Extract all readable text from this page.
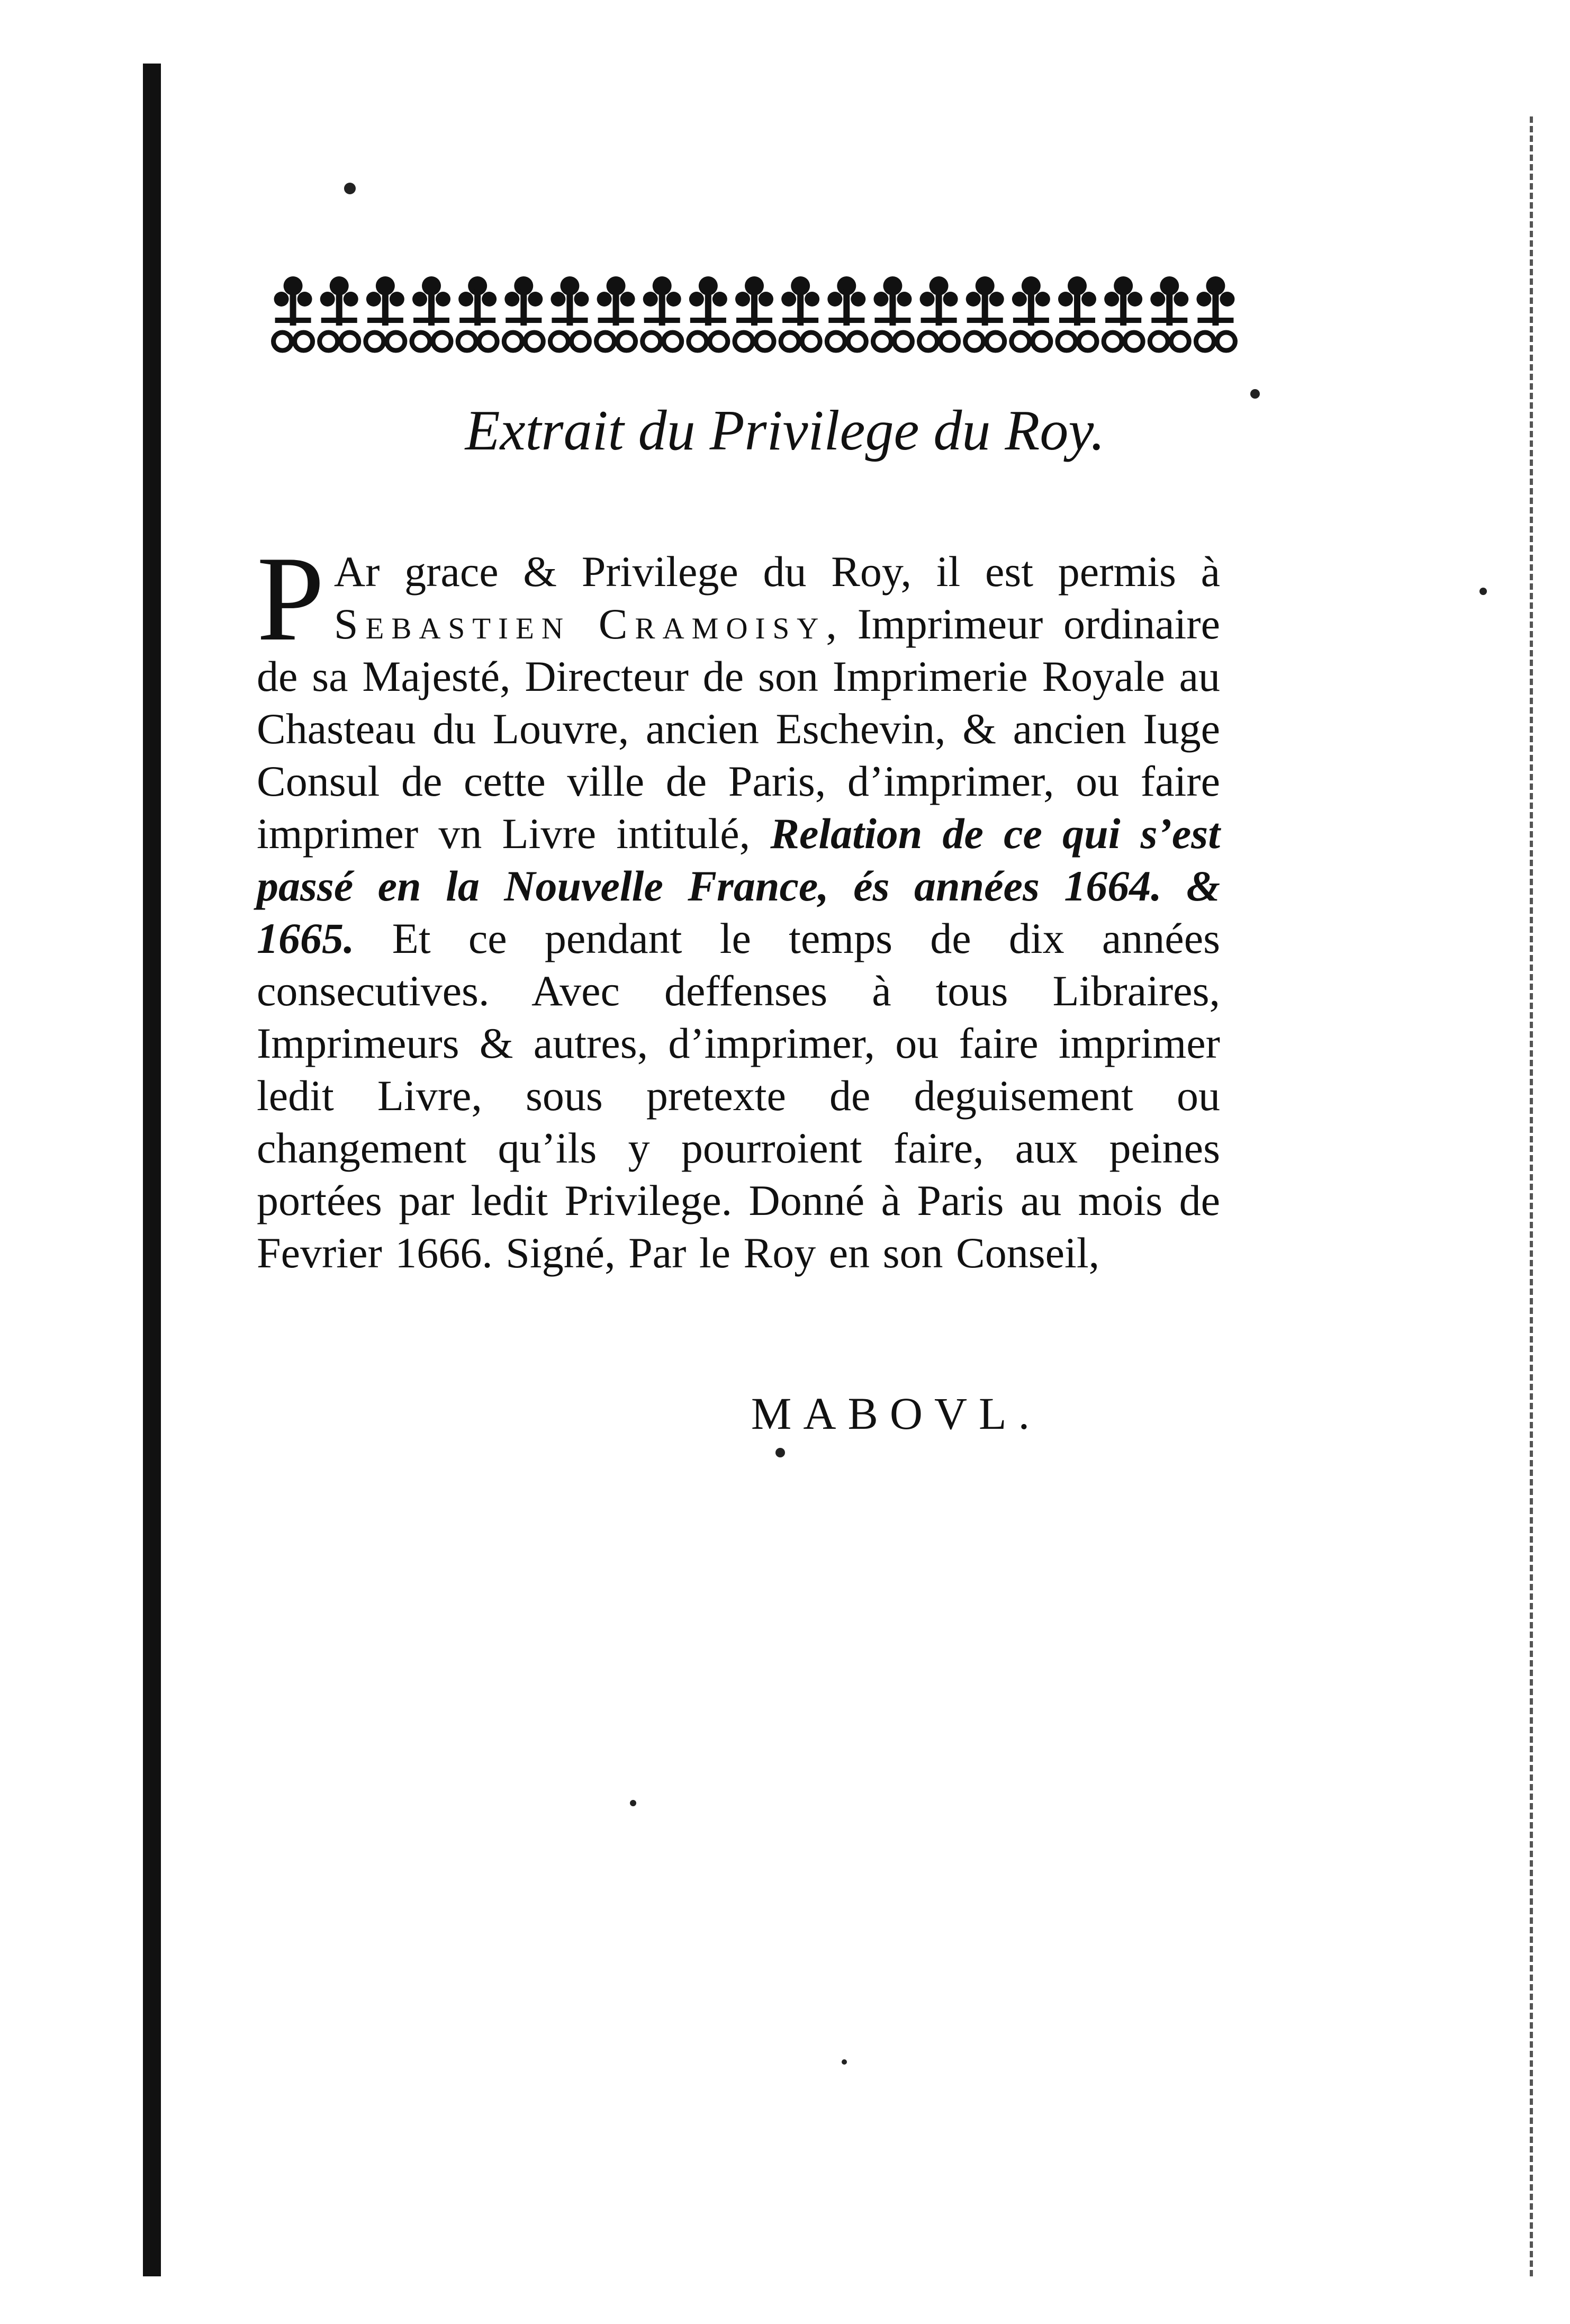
Extrait du Privilege du Roy.
P Ar grace & Privilege du Roy, il est permis à Sebastien Cramoisy, Imprimeur ordinaire de sa Majesté, Directeur de son Imprimerie Royale au Chasteau du Louvre, ancien Eschevin, & ancien Iuge Consul de cette ville de Paris, d’imprimer, ou faire imprimer vn Livre intitulé, Relation de ce qui s’est passé en la Nouvelle France, és années 1664. & 1665. Et ce pendant le temps de dix années consecutives. Avec deffenses à tous Libraires, Imprimeurs & autres, d’imprimer, ou faire imprimer ledit Livre, sous pretexte de deguisement ou changement qu’ils y pourroient faire, aux peines portées par ledit Privilege. Donné à Paris au mois de Fevrier 1666. Signé, Par le Roy en son Conseil,
MABOVL.
